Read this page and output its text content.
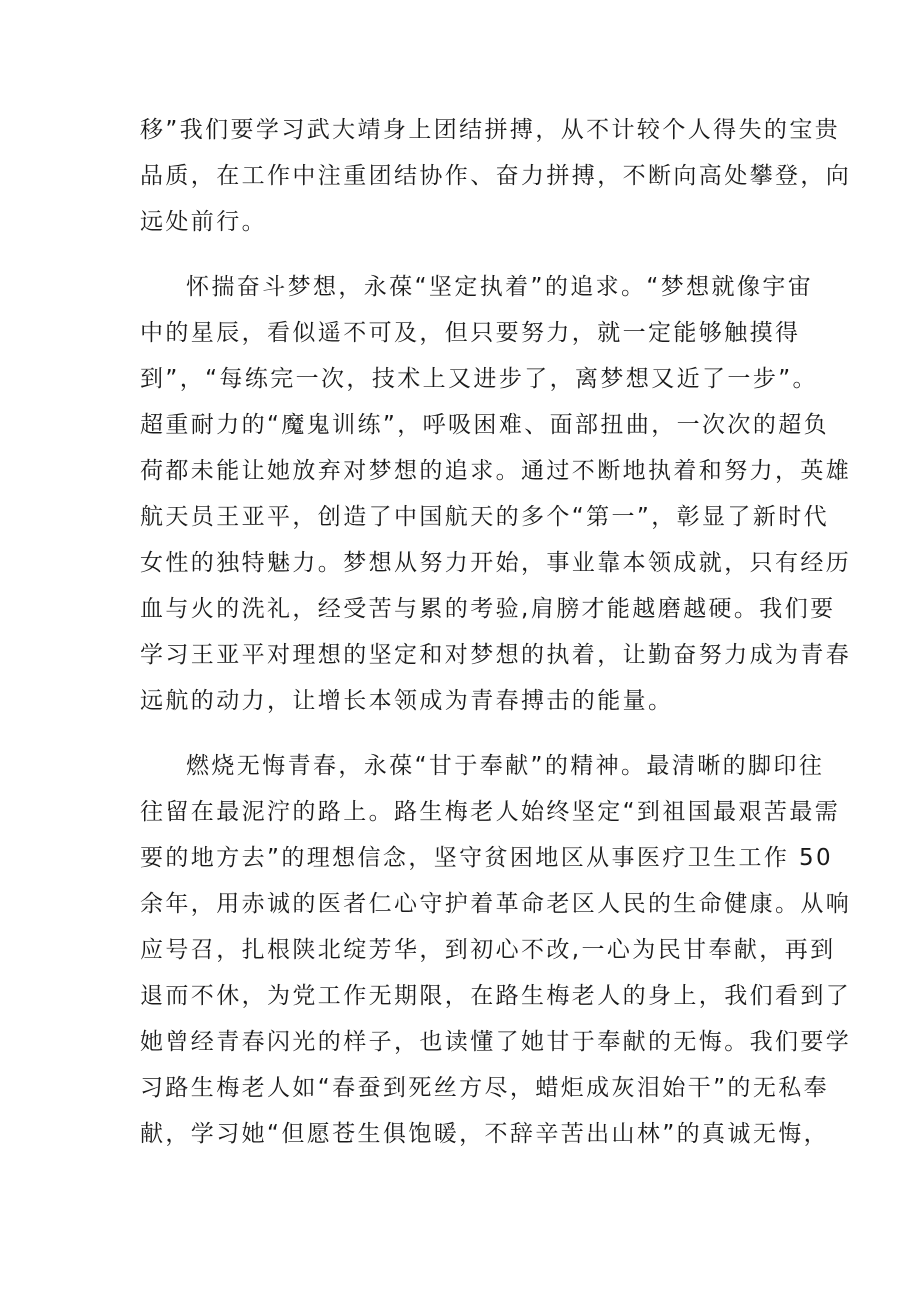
移”我们要学习武大靖身上团结拼搏，从不计较个人得失的宝贵
品质，在工作中注重团结协作、奋力拼搏，不断向高处攀登，向
远处前行。
怀揣奋斗梦想，永葆“坚定执着”的追求。“梦想就像宇宙
中的星辰，看似遥不可及，但只要努力，就一定能够触摸得
到”，“每练完一次，技术上又进步了，离梦想又近了一步”。
超重耐力的“魔鬼训练”，呼吸困难、面部扭曲，一次次的超负
荷都未能让她放弃对梦想的追求。通过不断地执着和努力，英雄
航天员王亚平，创造了中国航天的多个“第一”，彰显了新时代
女性的独特魅力。梦想从努力开始，事业靠本领成就，只有经历
血与火的洗礼，经受苦与累的考验,肩膀才能越磨越硬。我们要
学习王亚平对理想的坚定和对梦想的执着，让勤奋努力成为青春
远航的动力，让增长本领成为青春搏击的能量。
燃烧无悔青春，永葆“甘于奉献”的精神。最清晰的脚印往
往留在最泥泞的路上。路生梅老人始终坚定“到祖国最艰苦最需
要的地方去”的理想信念，坚守贫困地区从事医疗卫生工作 50
余年，用赤诚的医者仁心守护着革命老区人民的生命健康。从响
应号召，扎根陕北绽芳华，到初心不改,一心为民甘奉献，再到
退而不休，为党工作无期限，在路生梅老人的身上，我们看到了
她曾经青春闪光的样子，也读懂了她甘于奉献的无悔。我们要学
习路生梅老人如“春蚕到死丝方尽，蜡炬成灰泪始干”的无私奉
献，学习她“但愿苍生俱饱暖，不辞辛苦出山林”的真诚无悔，
